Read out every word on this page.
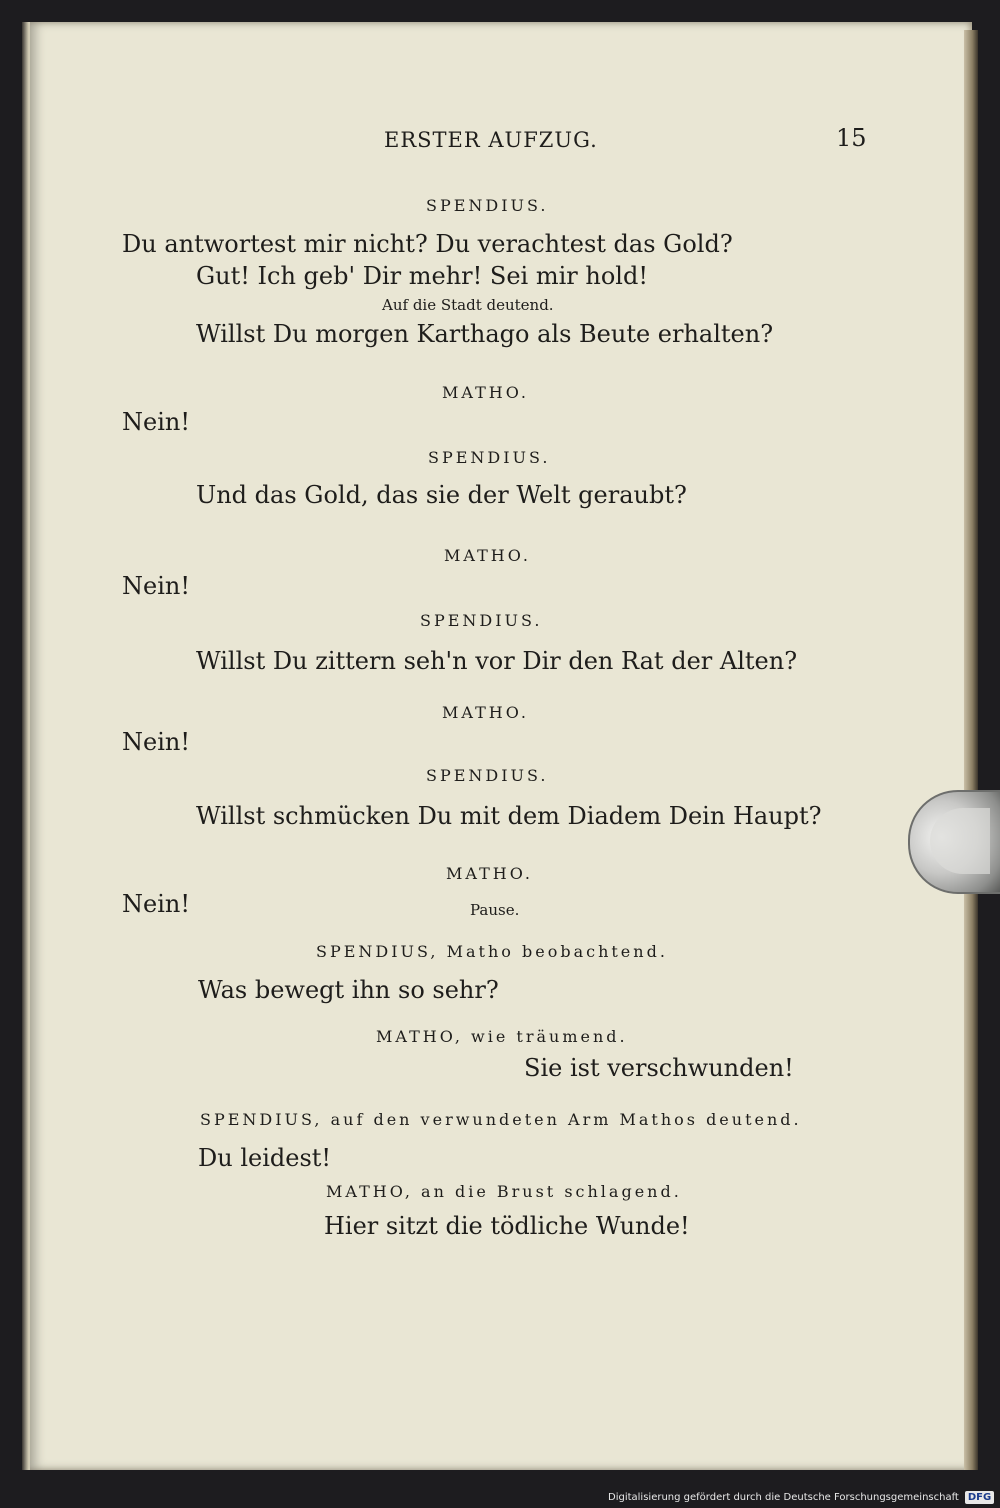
ERSTER AUFZUG.	15
SPENDIUS.
Du antwortest mir nicht? Du verachtest das Gold?
Gut! Ich geb' Dir mehr! Sei mir hold!
Auf die Stadt deutend.
Willst Du morgen Karthago als Beute erhalten?
MATHO.
Nein!
SPENDIUS.
Und das Gold, das sie der Welt geraubt?
MATHO.
Nein!
SPENDIUS.
Willst Du zittern seh'n vor Dir den Rat der Alten?
MATHO.
Nein!
SPENDIUS.
Willst schmücken Du mit dem Diadem Dein Haupt?
MATHO.
Nein!	Pause.
SPENDIUS, Matho beobachtend.
Was bewegt ihn so sehr?
MATHO, wie träumend.
Sie ist verschwunden!
SPENDIUS, auf den verwundeten Arm Mathos deutend.
Du leidest!
MATHO, an die Brust schlagend.
Hier sitzt die tödliche Wunde!
Digitalisierung gefördert durch die Deutsche Forschungsgemeinschaft DFG
